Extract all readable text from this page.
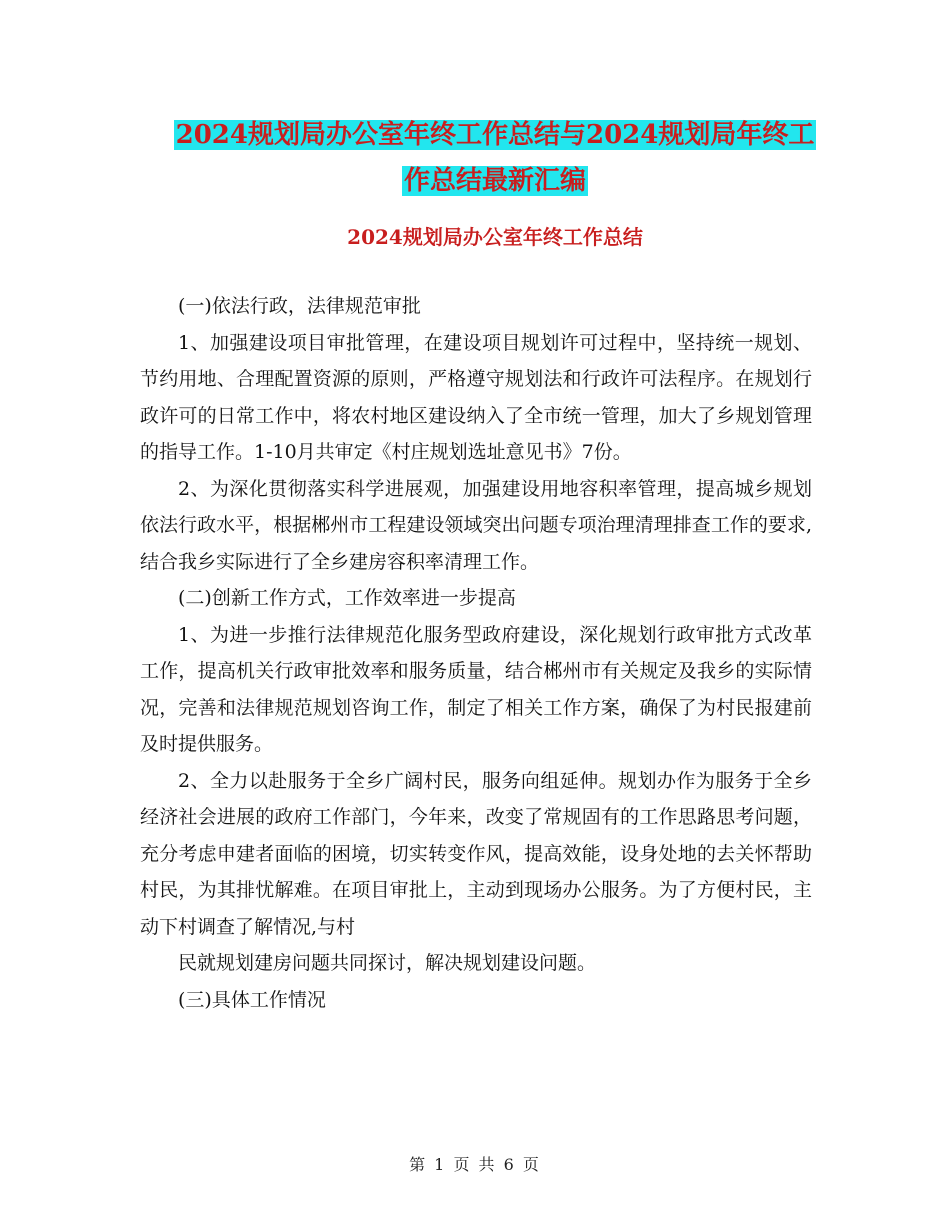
2024规划局办公室年终工作总结与2024规划局年终工
作总结最新汇编
2024规划局办公室年终工作总结

(一)依法行政，法律规范审批

1、加强建设项目审批管理，在建设项目规划许可过程中，坚持统一规划、节约用地、合理配置资源的原则，严格遵守规划法和行政许可法程序。在规划行政许可的日常工作中，将农村地区建设纳入了全市统一管理，加大了乡规划管理的指导工作。1-10月共审定《村庄规划选址意见书》7份。

2、为深化贯彻落实科学进展观，加强建设用地容积率管理，提高城乡规划依法行政水平，根据郴州市工程建设领域突出问题专项治理清理排查工作的要求,结合我乡实际进行了全乡建房容积率清理工作。

(二)创新工作方式，工作效率进一步提高

1、为进一步推行法律规范化服务型政府建设，深化规划行政审批方式改革工作，提高机关行政审批效率和服务质量，结合郴州市有关规定及我乡的实际情况，完善和法律规范规划咨询工作，制定了相关工作方案，确保了为村民报建前及时提供服务。

2、全力以赴服务于全乡广阔村民，服务向组延伸。规划办作为服务于全乡经济社会进展的政府工作部门，今年来，改变了常规固有的工作思路思考问题，充分考虑申建者面临的困境，切实转变作风，提高效能，设身处地的去关怀帮助村民，为其排忧解难。在项目审批上，主动到现场办公服务。为了方便村民，主动下村调查了解情况,与村

民就规划建房问题共同探讨，解决规划建设问题。

(三)具体工作情况

第 1 页 共 6 页
